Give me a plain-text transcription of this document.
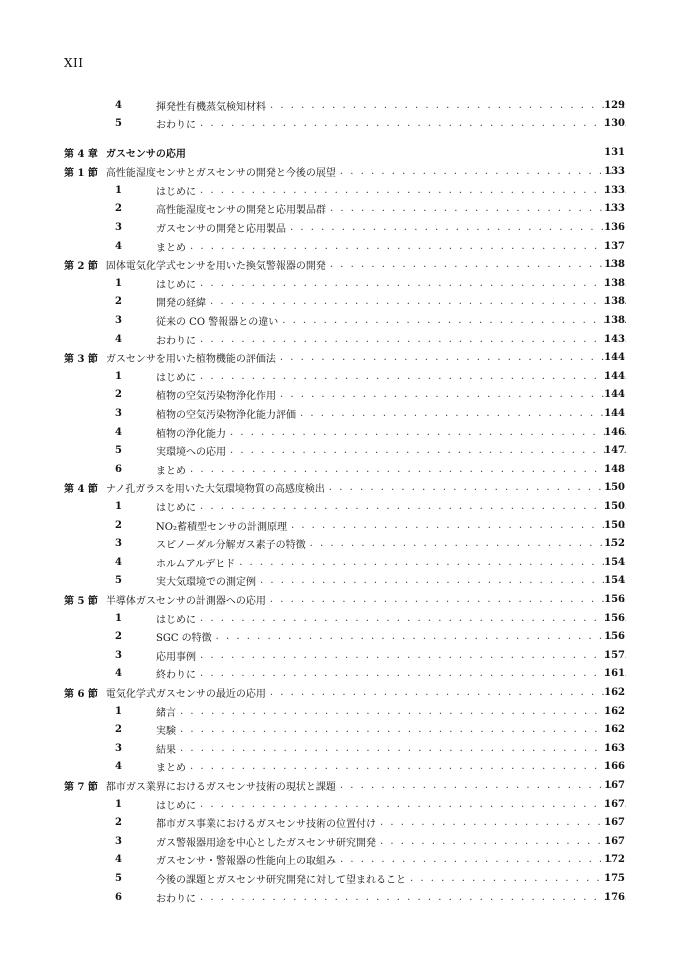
XII
4	揮発性有機蒸気検知材料 . . .	129
5	おわりに . . .	130
第 4 章 ガスセンサの応用	131
第 1 節 高性能湿度センサとガスセンサの開発と今後の展望 . . .	133
1	はじめに . . .	133
2	高性能湿度センサの開発と応用製品群 . . .	133
3	ガスセンサの開発と応用製品 . . .	136
4	まとめ . . .	137
第 2 節 固体電気化学式センサを用いた換気警報器の開発 . . .	138
1	はじめに . . .	138
2	開発の経緯 . . .	138
3	従来の CO 警報器との違い . . .	138
4	おわりに . . .	143
第 3 節 ガスセンサを用いた植物機能の評価法 . . .	144
1	はじめに . . .	144
2	植物の空気汚染物浄化作用 . . .	144
3	植物の空気汚染物浄化能力評価 . . .	144
4	植物の浄化能力 . . .	146
5	実環境への応用 . . .	147
6	まとめ . . .	148
第 4 節 ナノ孔ガラスを用いた大気環境物質の高感度検出 . . .	150
1	はじめに . . .	150
2	NO₂蓄積型センサの計測原理 . . .	150
3	スピノーダル分解ガス素子の特徴 . . .	152
4	ホルムアルデヒド . . .	154
5	実大気環境での測定例 . . .	154
第 5 節 半導体ガスセンサの計測器への応用 . . .	156
1	はじめに . . .	156
2	SGC の特徴 . . .	156
3	応用事例 . . .	157
4	終わりに . . .	161
第 6 節 電気化学式ガスセンサの最近の応用 . . .	162
1	緒言 . . .	162
2	実験 . . .	162
3	結果 . . .	163
4	まとめ . . .	166
第 7 節 都市ガス業界におけるガスセンサ技術の現状と課題 . . .	167
1	はじめに . . .	167
2	都市ガス事業におけるガスセンサ技術の位置付け . . .	167
3	ガス警報器用途を中心としたガスセンサ研究開発 . . .	167
4	ガスセンサ・警報器の性能向上の取組み . . .	172
5	今後の課題とガスセンサ研究開発に対して望まれること . . .	175
6	おわりに . . .	176
